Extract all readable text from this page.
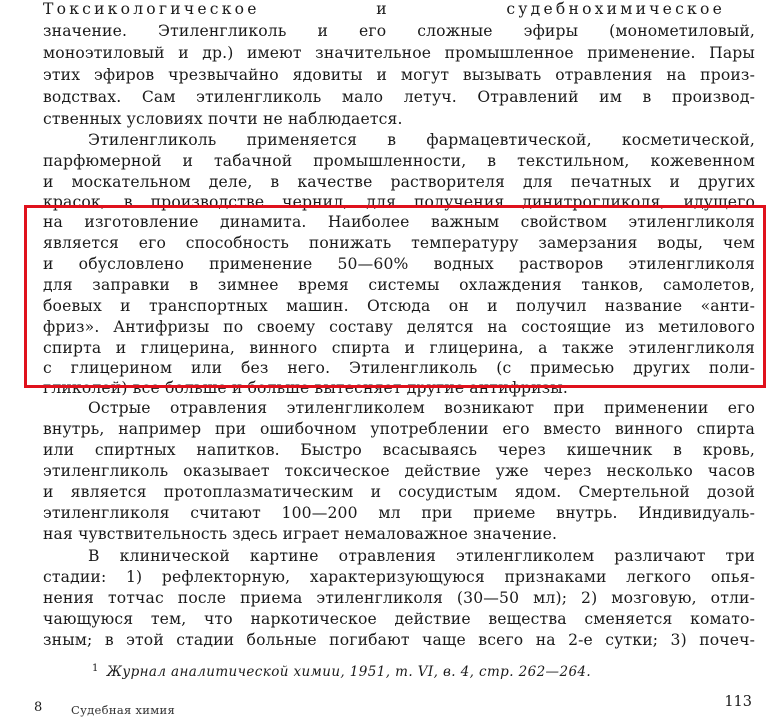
Токсикологическое и судебнохимическое
значение. Этиленгликоль и его сложные эфиры (монометиловый,
моноэтиловый и др.) имеют значительное промышленное применение. Пары
этих эфиров чрезвычайно ядовиты и могут вызывать отравления на произ-
водствах. Сам этиленгликоль мало летуч. Отравлений им в производ-
ственных условиях почти не наблюдается.
Этиленгликоль применяется в фармацевтической, косметической,
парфюмерной и табачной промышленности, в текстильном, кожевенном
и москательном деле, в качестве растворителя для печатных и других
красок, в производстве чернил, для получения динитрогликоля, идущего
на изготовление динамита. Наиболее важным свойством этиленгликоля
является его способность понижать температуру замерзания воды, чем
и обусловлено применение 50—60% водных растворов этиленгликоля
для заправки в зимнее время системы охлаждения танков, самолетов,
боевых и транспортных машин. Отсюда он и получил название «анти-
фриз». Антифризы по своему составу делятся на состоящие из метилового
спирта и глицерина, винного спирта и глицерина, а также этиленгликоля
с глицерином или без него. Этиленгликоль (с примесью других поли-
гликолей) все больше и больше вытесняет другие антифризы.
Острые отравления этиленгликолем возникают при применении его
внутрь, например при ошибочном употреблении его вместо винного спирта
или спиртных напитков. Быстро всасываясь через кишечник в кровь,
этиленгликоль оказывает токсическое действие уже через несколько часов
и является протоплазматическим и сосудистым ядом. Смертельной дозой
этиленгликоля считают 100—200 мл при приеме внутрь. Индивидуаль-
ная чувствительность здесь играет немаловажное значение.
В клинической картине отравления этиленгликолем различают три
стадии: 1) рефлекторную, характеризующуюся признаками легкого опья-
нения тотчас после приема этиленгликоля (30—50 мл); 2) мозговую, отли-
чающуюся тем, что наркотическое действие вещества сменяется комато-
зным; в этой стадии больные погибают чаще всего на 2-е сутки; 3) почеч-
$^1$ Журнал аналитической химии, 1951, т. VI, в. 4, стр. 262—264.
8 Судебная химия	113
